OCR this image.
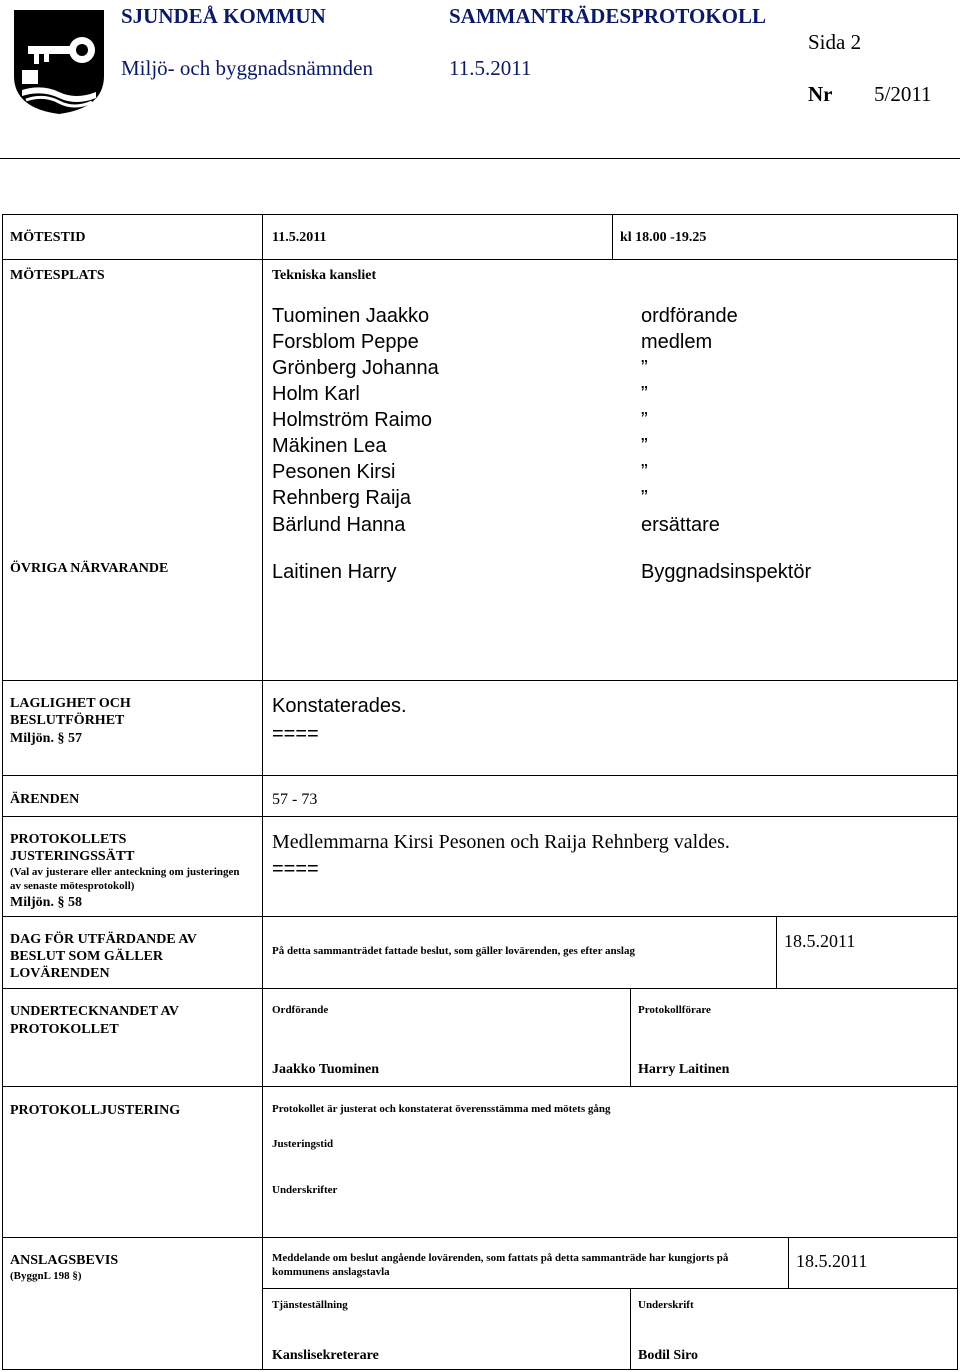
SJUNDEÅ KOMMUN	SAMMANTRÄDESPROTOKOLL
Sida 2
Miljö- och byggnadsnämnden	11.5.2011
Nr 5/2011
MÖTESTID	11.5.2011	kl 18.00 -19.25
MÖTESPLATS	Tekniska kansliet
Tuominen Jaakko	ordförande
Forsblom Peppe	medlem
Grönberg Johanna	”
Holm Karl	”
Holmström Raimo	”
Mäkinen Lea	”
Pesonen Kirsi	”
Rehnberg Raija	”
Bärlund Hanna	ersättare
ÖVRIGA NÄRVARANDE	Laitinen Harry	Byggnadsinspektör
LAGLIGHET OCH
BESLUTFÖRHET
Miljön. § 57
Konstaterades.
====
ÄRENDEN	57 - 73
PROTOKOLLETS
JUSTERINGSSÄTT
(Val av justerare eller anteckning om justeringen
av senaste mötesprotokoll)
Miljön. § 58
Medlemmarna Kirsi Pesonen och Raija Rehnberg valdes.
====
DAG FÖR UTFÄRDANDE AV
BESLUT SOM GÄLLER
LOVÄRENDEN
På detta sammanträdet fattade beslut, som gäller lovärenden, ges efter anslag	18.5.2011
UNDERTECKNANDET AV
PROTOKOLLET
Ordförande	Protokollförare
Jaakko Tuominen	Harry Laitinen
PROTOKOLLJUSTERING	Protokollet är justerat och konstaterat överensstämma med mötets gång
Justeringstid
Underskrifter
ANSLAGSBEVIS
(ByggnL 198 §)
Meddelande om beslut angående lovärenden, som fattats på detta sammanträde har kungjorts på
kommunens anslagstavla
18.5.2011
Tjänsteställning	Underskrift
Kanslisekreterare	Bodil Siro
